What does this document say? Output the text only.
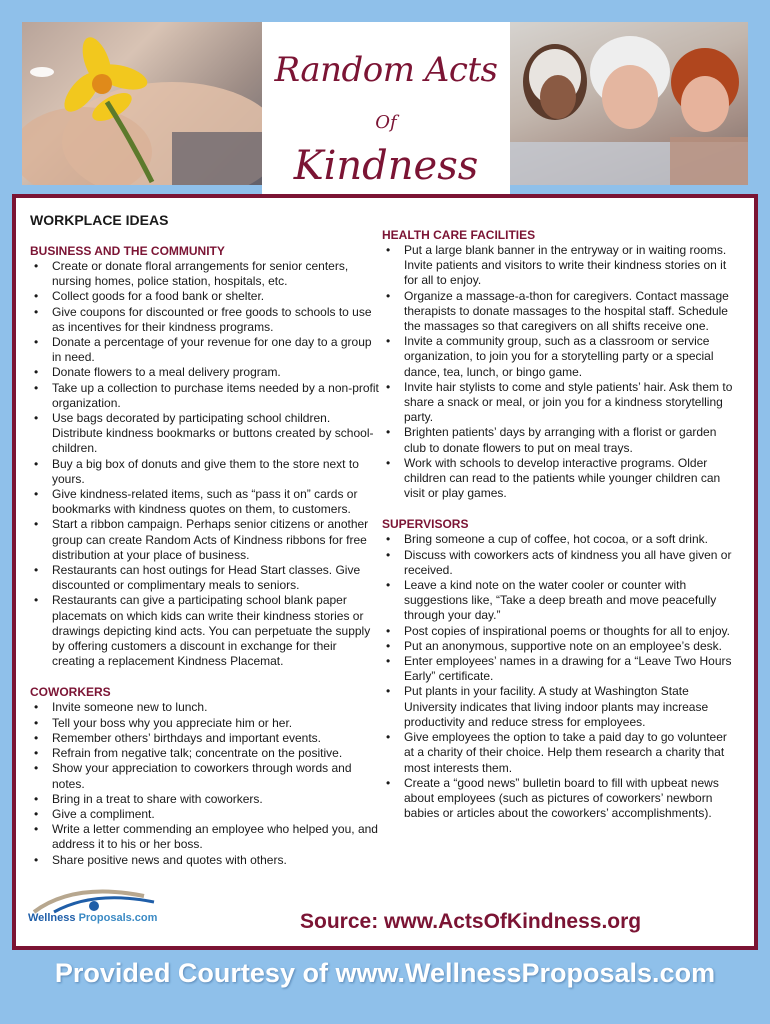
Random Acts
Of
Kindness
WORKPLACE IDEAS
BUSINESS AND THE COMMUNITY
• Create or donate floral arrangements for senior centers, nursing homes, police station, hospitals, etc.
• Collect goods for a food bank or shelter.
• Give coupons for discounted or free goods to schools to use as incentives for their kindness programs.
• Donate a percentage of your revenue for one day to a group in need.
• Donate flowers to a meal delivery program.
• Take up a collection to purchase items needed by a non-profit organization.
• Use bags decorated by participating school children. Distribute kindness bookmarks or buttons created by school-children.
• Buy a big box of donuts and give them to the store next to yours.
• Give kindness-related items, such as “pass it on” cards or bookmarks with kindness quotes on them, to customers.
• Start a ribbon campaign. Perhaps senior citizens or another group can create Random Acts of Kindness ribbons for free distribution at your place of business.
• Restaurants can host outings for Head Start classes. Give discounted or complimentary meals to seniors.
• Restaurants can give a participating school blank paper placemats on which kids can write their kindness stories or drawings depicting kind acts. You can perpetuate the supply by offering customers a discount in exchange for their creating a replacement Kindness Placemat.
COWORKERS
• Invite someone new to lunch.
• Tell your boss why you appreciate him or her.
• Remember others’ birthdays and important events.
• Refrain from negative talk; concentrate on the positive.
• Show your appreciation to coworkers through words and notes.
• Bring in a treat to share with coworkers.
• Give a compliment.
• Write a letter commending an employee who helped you, and address it to his or her boss.
• Share positive news and quotes with others.
HEALTH CARE FACILITIES
• Put a large blank banner in the entryway or in waiting rooms. Invite patients and visitors to write their kindness stories on it for all to enjoy.
• Organize a massage-a-thon for caregivers. Contact massage therapists to donate massages to the hospital staff. Schedule the massages so that caregivers on all shifts receive one.
• Invite a community group, such as a classroom or service organization, to join you for a storytelling party or a special dance, tea, lunch, or bingo game.
• Invite hair stylists to come and style patients’ hair. Ask them to share a snack or meal, or join you for a kindness storytelling party.
• Brighten patients’ days by arranging with a florist or garden club to donate flowers to put on meal trays.
• Work with schools to develop interactive programs. Older children can read to the patients while younger children can visit or play games.
SUPERVISORS
• Bring someone a cup of coffee, hot cocoa, or a soft drink.
• Discuss with coworkers acts of kindness you all have given or received.
• Leave a kind note on the water cooler or counter with suggestions like, “Take a deep breath and move peacefully through your day.”
• Post copies of inspirational poems or thoughts for all to enjoy.
• Put an anonymous, supportive note on an employee’s desk.
• Enter employees’ names in a drawing for a “Leave Two Hours Early” certificate.
• Put plants in your facility. A study at Washington State University indicates that living indoor plants may increase productivity and reduce stress for employees.
• Give employees the option to take a paid day to go volunteer at a charity of their choice. Help them research a charity that most interests them.
• Create a “good news” bulletin board to fill with upbeat news about employees (such as pictures of coworkers’ newborn babies or articles about the coworkers’ accomplishments).
Wellness Proposals.com	Source: www.ActsOfKindness.org
Provided Courtesy of www.WellnessProposals.com
